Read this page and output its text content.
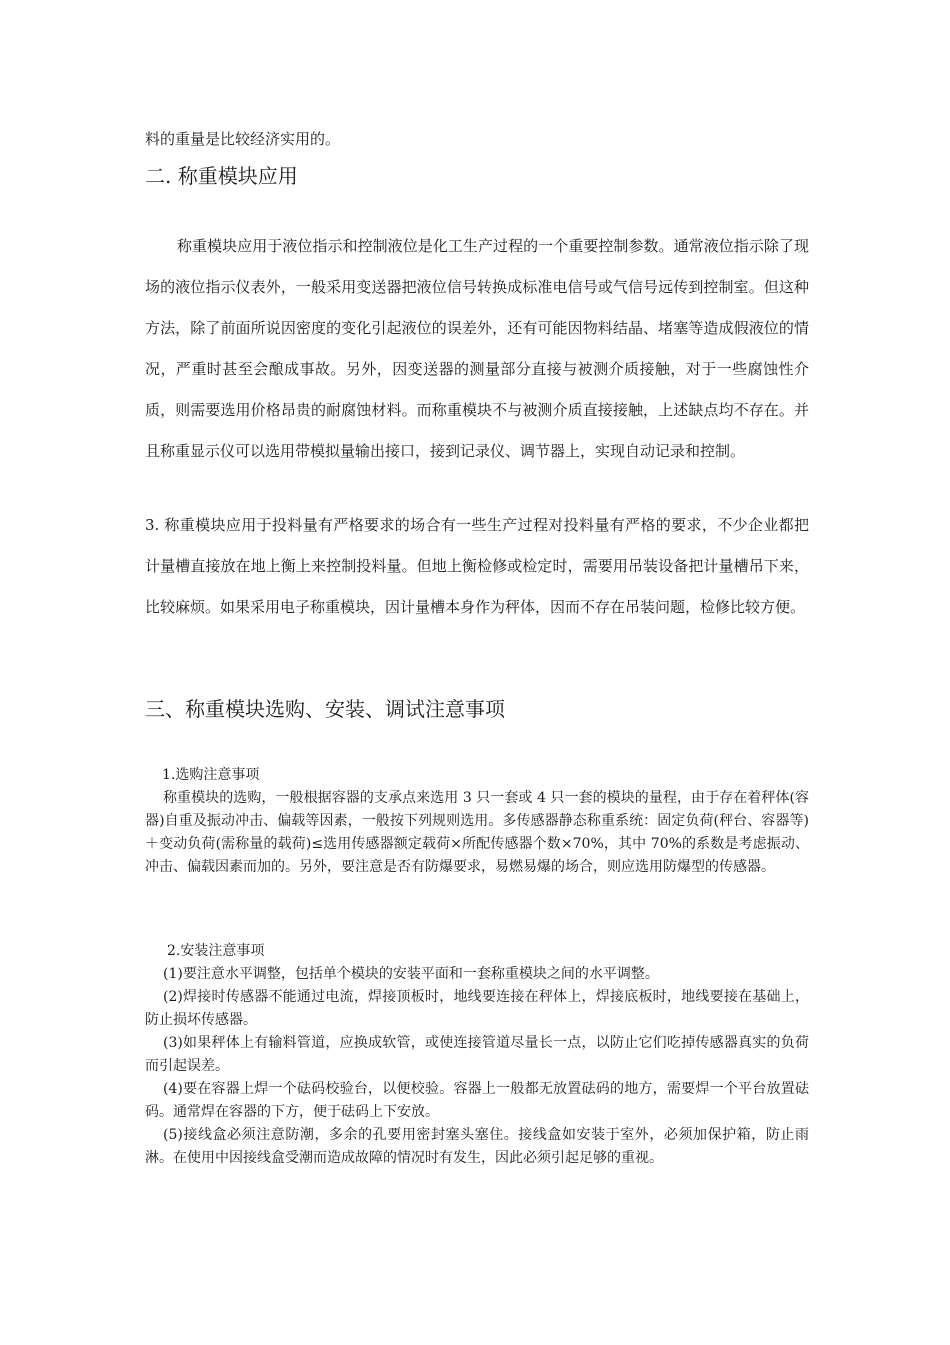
料的重量是比较经济实用的。

二. 称重模块应用

称重模块应用于液位指示和控制液位是化工生产过程的一个重要控制参数。通常液位指示除了现场的液位指示仪表外，一般采用变送器把液位信号转换成标准电信号或气信号远传到控制室。但这种方法，除了前面所说因密度的变化引起液位的误差外，还有可能因物料结晶、堵塞等造成假液位的情况，严重时甚至会酿成事故。另外，因变送器的测量部分直接与被测介质接触，对于一些腐蚀性介质，则需要选用价格昂贵的耐腐蚀材料。而称重模块不与被测介质直接接触，上述缺点均不存在。并且称重显示仪可以选用带模拟量输出接口，接到记录仪、调节器上，实现自动记录和控制。

3. 称重模块应用于投料量有严格要求的场合有一些生产过程对投料量有严格的要求，不少企业都把计量槽直接放在地上衡上来控制投料量。但地上衡检修或检定时，需要用吊装设备把计量槽吊下来，比较麻烦。如果采用电子称重模块，因计量槽本身作为秤体，因而不存在吊装问题，检修比较方便。

三、称重模块选购、安装、调试注意事项

1.选购注意事项

称重模块的选购，一般根据容器的支承点来选用 3 只一套或 4 只一套的模块的量程，由于存在着秤体(容器)自重及振动冲击、偏载等因素，一般按下列规则选用。多传感器静态称重系统：固定负荷(秤台、容器等)＋变动负荷(需称量的载荷)≤选用传感器额定载荷×所配传感器个数×70%，其中 70%的系数是考虑振动、冲击、偏载因素而加的。另外，要注意是否有防爆要求，易燃易爆的场合，则应选用防爆型的传感器。

2.安装注意事项

(1)要注意水平调整，包括单个模块的安装平面和一套称重模块之间的水平调整。

(2)焊接时传感器不能通过电流，焊接顶板时，地线要连接在秤体上，焊接底板时，地线要接在基础上，防止损坏传感器。

(3)如果秤体上有输料管道，应换成软管，或使连接管道尽量长一点，以防止它们吃掉传感器真实的负荷而引起误差。

(4)要在容器上焊一个砝码校验台，以便校验。容器上一般都无放置砝码的地方，需要焊一个平台放置砝码。通常焊在容器的下方，便于砝码上下安放。

(5)接线盒必须注意防潮，多余的孔要用密封塞头塞住。接线盒如安装于室外，必须加保护箱，防止雨淋。在使用中因接线盒受潮而造成故障的情况时有发生，因此必须引起足够的重视。
